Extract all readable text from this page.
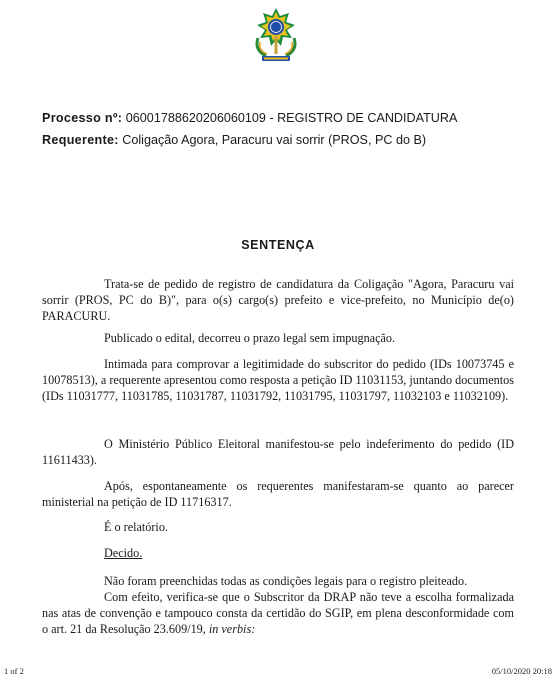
Processo nº: 06001788620206060109 - REGISTRO DE CANDIDATURA
Requerente: Coligação Agora, Paracuru vai sorrir (PROS, PC do B)
SENTENÇA
Trata-se de pedido de registro de candidatura da Coligação "Agora, Paracuru vai sorrir (PROS, PC do B)", para o(s) cargo(s) prefeito e vice-prefeito, no Município de(o) PARACURU.
Publicado o edital, decorreu o prazo legal sem impugnação.
Intimada para comprovar a legitimidade do subscritor do pedido (IDs 10073745 e 10078513), a requerente apresentou como resposta a petição ID 11031153, juntando documentos (IDs 11031777, 11031785, 11031787, 11031792, 11031795, 11031797, 11032103 e 11032109).
O Ministério Público Eleitoral manifestou-se pelo indeferimento do pedido (ID 11611433).
Após, espontaneamente os requerentes manifestaram-se quanto ao parecer ministerial na petição de ID 11716317.
É o relatório.
Decido.
Não foram preenchidas todas as condições legais para o registro pleiteado.
Com efeito, verifica-se que o Subscritor da DRAP não teve a escolha formalizada nas atas de convenção e tampouco consta da certidão do SGIP, em plena desconformidade com o art. 21 da Resolução 23.609/19, in verbis:
1 of 2	05/10/2020 20:18
